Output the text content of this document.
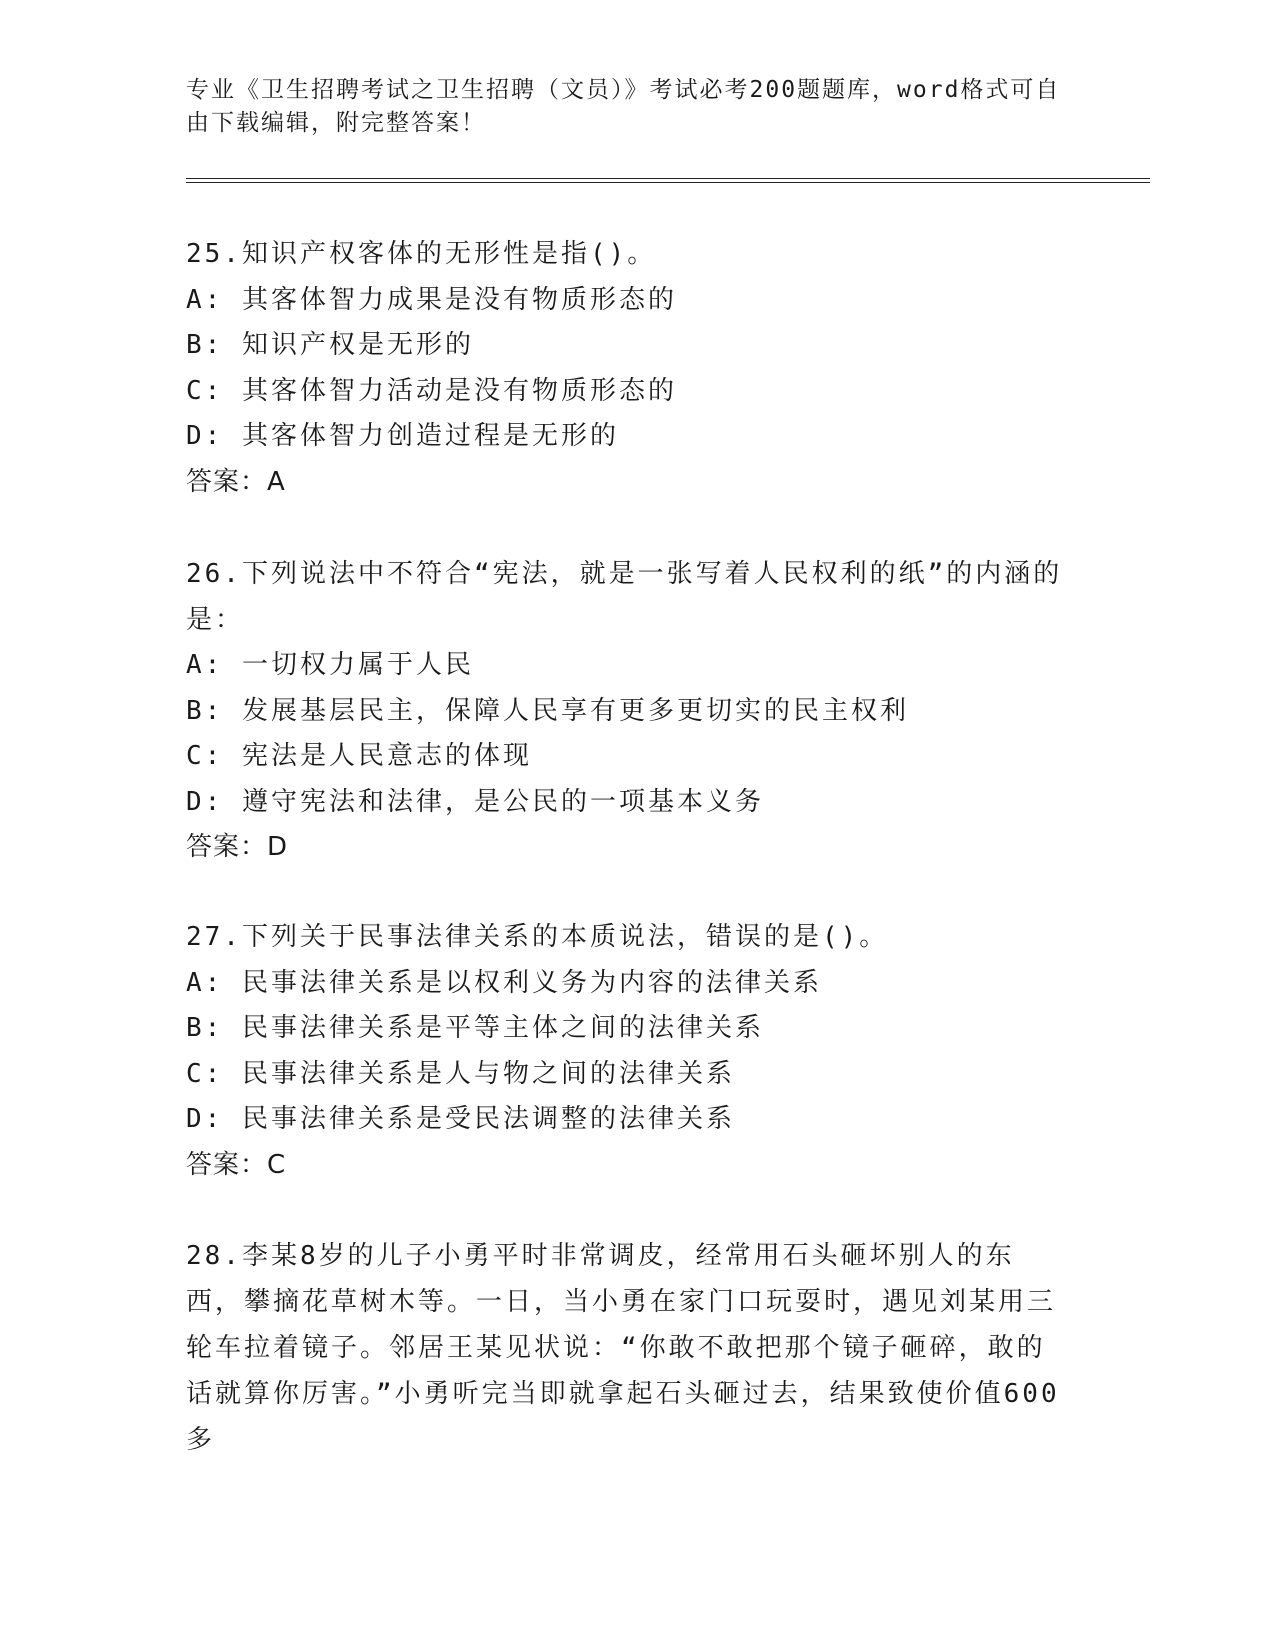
专业《卫生招聘考试之卫生招聘（文员）》考试必考200题题库，word格式可自由下载编辑，附完整答案！
25.知识产权客体的无形性是指()。
A: 其客体智力成果是没有物质形态的
B: 知识产权是无形的
C: 其客体智力活动是没有物质形态的
D: 其客体智力创造过程是无形的
答案：A
26.下列说法中不符合“宪法，就是一张写着人民权利的纸”的内涵的是：
A: 一切权力属于人民
B: 发展基层民主，保障人民享有更多更切实的民主权利
C: 宪法是人民意志的体现
D: 遵守宪法和法律，是公民的一项基本义务
答案：D
27.下列关于民事法律关系的本质说法，错误的是()。
A: 民事法律关系是以权利义务为内容的法律关系
B: 民事法律关系是平等主体之间的法律关系
C: 民事法律关系是人与物之间的法律关系
D: 民事法律关系是受民法调整的法律关系
答案：C
28.李某8岁的儿子小勇平时非常调皮，经常用石头砸坏别人的东西，攀摘花草树木等。一日，当小勇在家门口玩耍时，遇见刘某用三轮车拉着镜子。邻居王某见状说：“你敢不敢把那个镜子砸碎，敢的话就算你厉害。”小勇听完当即就拿起石头砸过去，结果致使价值600多
